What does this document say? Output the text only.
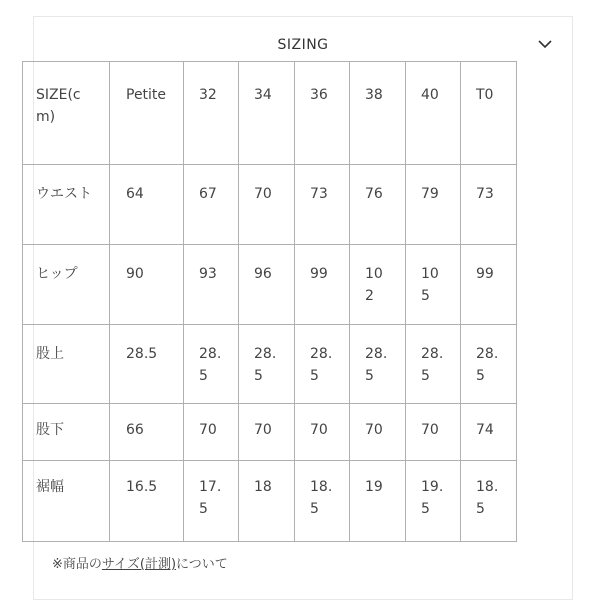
SIZING
SIZE(cm)	Petite	32	34	36	38	40	T0

ウエスト	64	67	70	73	76	79	73

ヒップ	90	93	96	99	102	105	99

股上	28.5	28.5	28.5	28.5	28.5	28.5	28.5

股下	66	70	70	70	70	70	74

裾幅	16.5	17.5	18	18.5	19	19.5	18.5
※商品のサイズ(計測)について
